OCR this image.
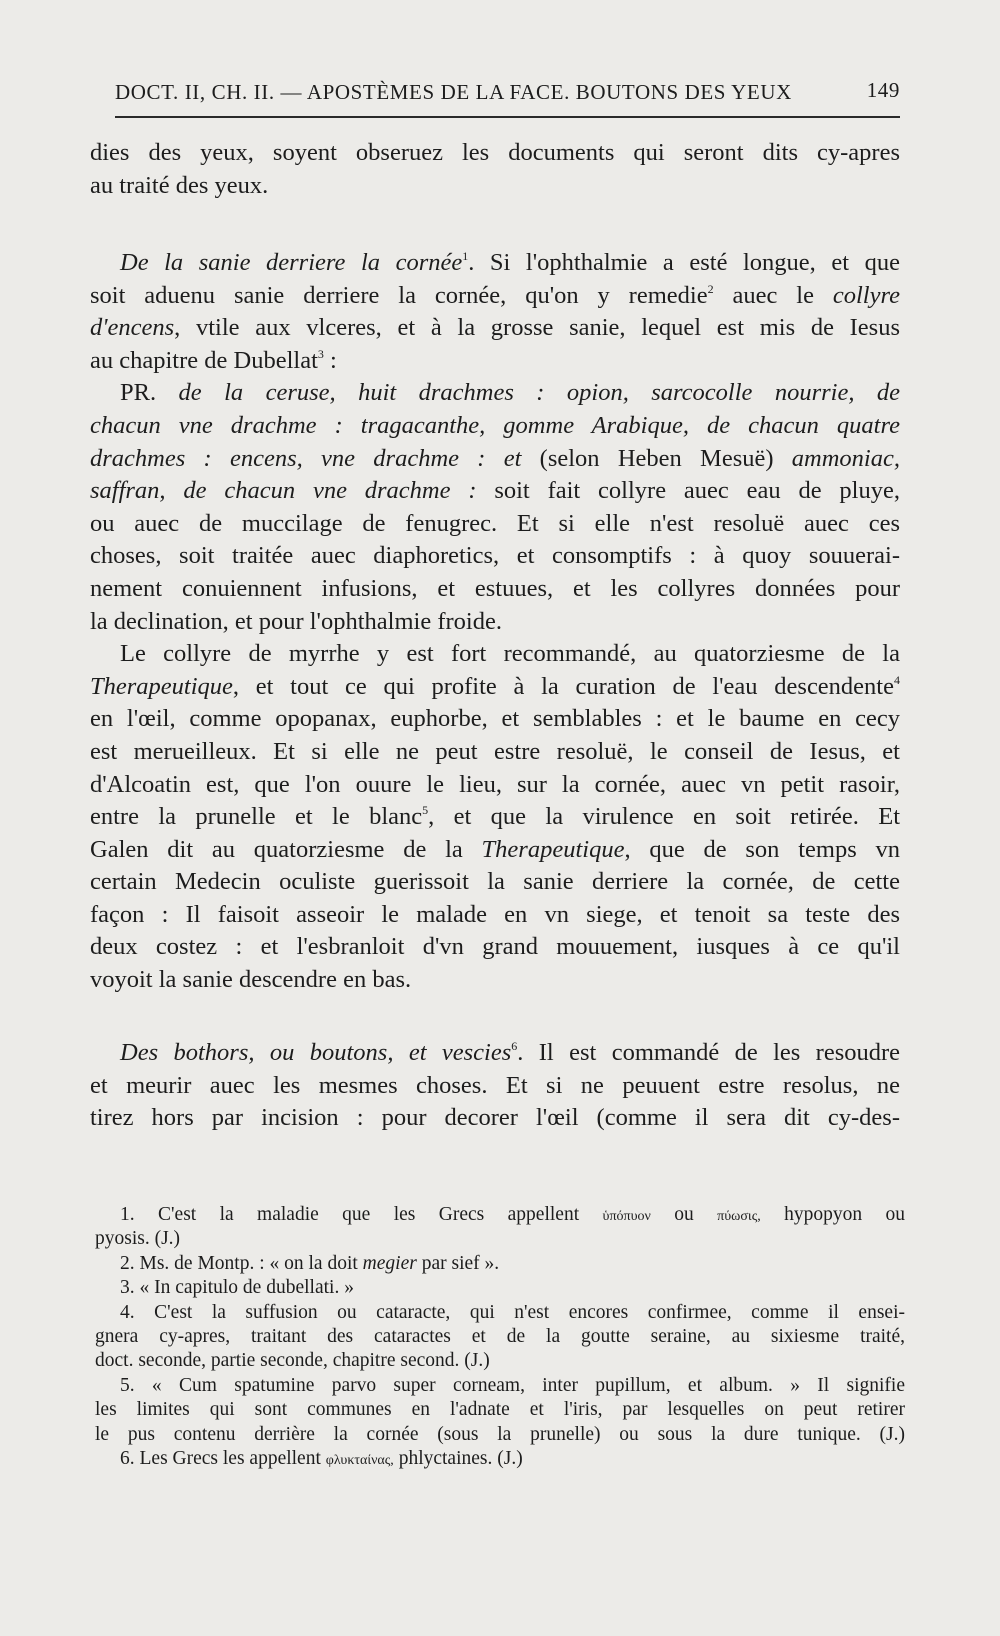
DOCT. II, CH. II. — APOSTÈMES DE LA FACE. BOUTONS DES YEUX	149
dies des yeux, soyent obseruez les documents qui seront dits cy-apres
au traité des yeux.
De la sanie derriere la cornée$^1$. Si l'ophthalmie a esté longue, et que
soit aduenu sanie derriere la cornée, qu'on y remedie$^2$ auec le collyre
d'encens, vtile aux vlceres, et à la grosse sanie, lequel est mis de Iesus
au chapitre de Dubellat$^3$ :
PR. de la ceruse, huit drachmes : opion, sarcocolle nourrie, de
chacun vne drachme : tragacanthe, gomme Arabique, de chacun quatre
drachmes : encens, vne drachme : et (selon Heben Mesuë) ammoniac,
saffran, de chacun vne drachme : soit fait collyre auec eau de pluye,
ou auec de muccilage de fenugrec. Et si elle n'est resoluë auec ces
choses, soit traitée auec diaphoretics, et consomptifs : à quoy souuerai-
nement conuiennent infusions, et estuues, et les collyres données pour
la declination, et pour l'ophthalmie froide.
Le collyre de myrrhe y est fort recommandé, au quatorziesme de la
Therapeutique, et tout ce qui profite à la curation de l'eau descendente$^4$
en l'œil, comme opopanax, euphorbe, et semblables : et le baume en cecy
est merueilleux. Et si elle ne peut estre resoluë, le conseil de Iesus, et
d'Alcoatin est, que l'on ouure le lieu, sur la cornée, auec vn petit rasoir,
entre la prunelle et le blanc$^5$, et que la virulence en soit retirée. Et
Galen dit au quatorziesme de la Therapeutique, que de son temps vn
certain Medecin oculiste guerissoit la sanie derriere la cornée, de cette
façon : Il faisoit asseoir le malade en vn siege, et tenoit sa teste des
deux costez : et l'esbranloit d'vn grand mouuement, iusques à ce qu'il
voyoit la sanie descendre en bas.
Des bothors, ou boutons, et vescies$^6$. Il est commandé de les resoudre
et meurir auec les mesmes choses. Et si ne peuuent estre resolus, ne
tirez hors par incision : pour decorer l'œil (comme il sera dit cy-des-
1. C'est la maladie que les Grecs appellent ὑπόπυον ou πύωσις, hypopyon ou
pyosis. (J.)
2. Ms. de Montp. : « on la doit megier par sief ».
3. « In capitulo de dubellati. »
4. C'est la suffusion ou cataracte, qui n'est encores confirmee, comme il ensei-
gnera cy-apres, traitant des cataractes et de la goutte seraine, au sixiesme traité,
doct. seconde, partie seconde, chapitre second. (J.)
5. « Cum spatumine parvo super corneam, inter pupillum, et album. » Il signifie
les limites qui sont communes en l'adnate et l'iris, par lesquelles on peut retirer
le pus contenu derrière la cornée (sous la prunelle) ou sous la dure tunique. (J.)
6. Les Grecs les appellent φλυκταίνας, phlyctaines. (J.)
